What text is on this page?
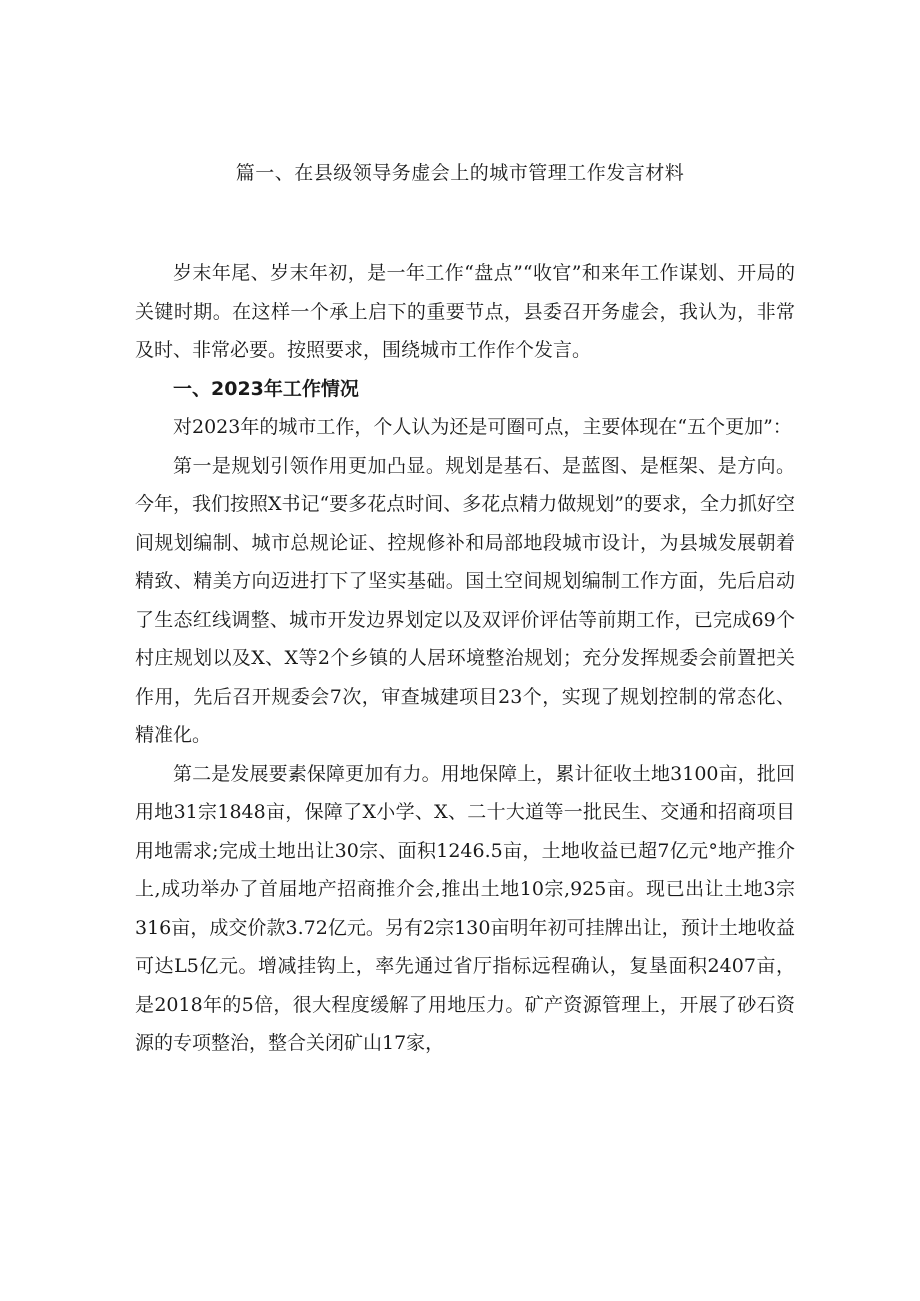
篇一、在县级领导务虚会上的城市管理工作发言材料

岁末年尾、岁末年初，是一年工作“盘点”“收官”和来年工作谋划、开局的关键时期。在这样一个承上启下的重要节点，县委召开务虚会，我认为，非常及时、非常必要。按照要求，围绕城市工作作个发言。

一、2023年工作情况

对2023年的城市工作，个人认为还是可圈可点，主要体现在“五个更加”：

第一是规划引领作用更加凸显。规划是基石、是蓝图、是框架、是方向。今年，我们按照X书记“要多花点时间、多花点精力做规划”的要求，全力抓好空间规划编制、城市总规论证、控规修补和局部地段城市设计，为县城发展朝着精致、精美方向迈进打下了坚实基础。国土空间规划编制工作方面，先后启动了生态红线调整、城市开发边界划定以及双评价评估等前期工作，已完成69个村庄规划以及X、X等2个乡镇的人居环境整治规划；充分发挥规委会前置把关作用，先后召开规委会7次，审查城建项目23个，实现了规划控制的常态化、精准化。

第二是发展要素保障更加有力。用地保障上，累计征收土地3100亩，批回用地31宗1848亩，保障了X小学、X、二十大道等一批民生、交通和招商项目用地需求;完成土地出让30宗、面积1246.5亩，土地收益已超7亿元°地产推介上,成功举办了首届地产招商推介会,推出土地10宗,925亩。现已出让土地3宗316亩，成交价款3.72亿元。另有2宗130亩明年初可挂牌出让，预计土地收益可达L5亿元。增减挂钩上，率先通过省厅指标远程确认，复垦面积2407亩，是2018年的5倍，很大程度缓解了用地压力。矿产资源管理上，开展了砂石资源的专项整治，整合关闭矿山17家，
